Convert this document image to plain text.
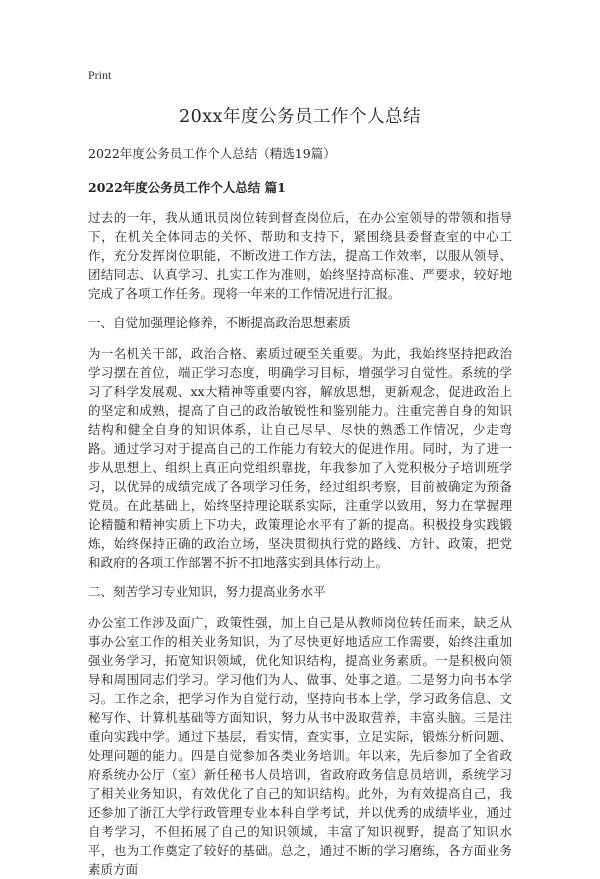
Print
20xx年度公务员工作个人总结

2022年度公务员工作个人总结（精选19篇）

2022年度公务员工作个人总结 篇1

过去的一年，我从通讯员岗位转到督查岗位后，在办公室领导的带领和指导下，在机关全体同志的关怀、帮助和支持下，紧围绕县委督查室的中心工作，充分发挥岗位职能，不断改进工作方法，提高工作效率，以服从领导、团结同志、认真学习、扎实工作为准则，始终坚持高标准、严要求，较好地完成了各项工作任务。现将一年来的工作情况进行汇报。

一、自觉加强理论修养，不断提高政治思想素质

为一名机关干部，政治合格、素质过硬至关重要。为此，我始终坚持把政治学习摆在首位，端正学习态度，明确学习目标，增强学习自觉性。系统的学习了科学发展观、xx大精神等重要内容，解放思想，更新观念，促进政治上的坚定和成熟，提高了自己的政治敏锐性和鉴别能力。注重完善自身的知识结构和健全自身的知识体系，让自己尽早、尽快的熟悉工作情况，少走弯路。通过学习对于提高自己的工作能力有较大的促进作用。同时，为了进一步从思想上、组织上真正向党组织靠拢，年我参加了入党积极分子培训班学习，以优异的成绩完成了各项学习任务，经过组织考察，目前被确定为预备党员。在此基础上，始终坚持理论联系实际，注重学以致用，努力在掌握理论精髓和精神实质上下功夫，政策理论水平有了新的提高。积极投身实践锻炼，始终保持正确的政治立场，坚决贯彻执行党的路线、方针、政策，把党和政府的各项工作部署不折不扣地落实到具体行动上。

二、刻苦学习专业知识，努力提高业务水平

办公室工作涉及面广，政策性强，加上自己是从教师岗位转任而来，缺乏从事办公室工作的相关业务知识，为了尽快更好地适应工作需要，始终注重加强业务学习，拓宽知识领域，优化知识结构，提高业务素质。一是积极向领导和周围同志们学习。学习他们为人、做事、处事之道。二是努力向书本学习。工作之余，把学习作为自觉行动，坚持向书本上学，学习政务信息、文秘写作、计算机基础等方面知识，努力从书中汲取营养，丰富头脑。三是注重向实践中学。通过下基层，看实情，查实事，立足实际，锻炼分析问题、处理问题的能力。四是自觉参加各类业务培训。年以来，先后参加了全省政府系统办公厅（室）新任秘书人员培训，省政府政务信息员培训，系统学习了相关业务知识，有效优化了自己的知识结构。此外，为有效提高自己，我还参加了浙江大学行政管理专业本科自学考试，并以优秀的成绩毕业，通过自考学习，不但拓展了自己的知识领域，丰富了知识视野，提高了知识水平，也为工作奠定了较好的基础。总之，通过不断的学习磨练，各方面业务素质方面
